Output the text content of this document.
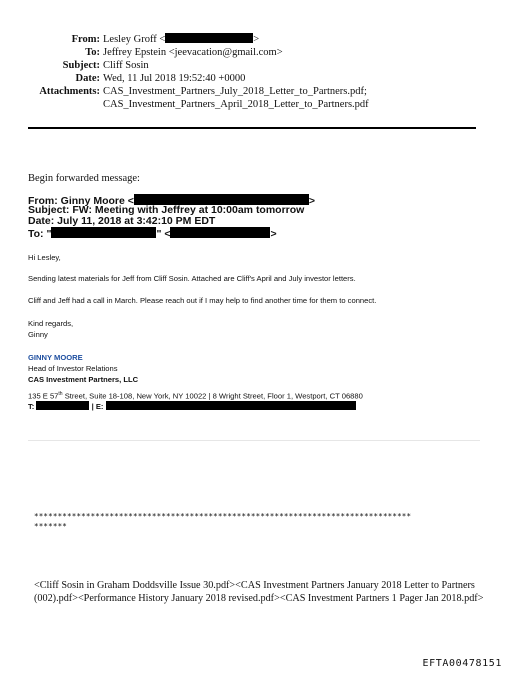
From: Lesley Groff <	>
To: Jeffrey Epstein <jeevacation@gmail.com>
Subject: Cliff Sosin
Date: Wed, 11 Jul 2018 19:52:40 +0000
Attachments: CAS_Investment_Partners_July_2018_Letter_to_Partners.pdf;
CAS_Investment_Partners_April_2018_Letter_to_Partners.pdf
Begin forwarded message:
From: Ginny Moore <	>
Subject: FW: Meeting with Jeffrey at 10:00am tomorrow
Date: July 11, 2018 at 3:42:10 PM EDT
To: "	" <	>
Hi Lesley,
Sending latest materials for Jeff from Cliff Sosin. Attached are Cliff's April and July investor letters.
Cliff and Jeff had a call in March. Please reach out if I may help to find another time for them to connect.
Kind regards,
Ginny
GINNY MOORE
Head of Investor Relations
CAS Investment Partners, LLC
135 E 57th Street, Suite 18-108, New York, NY 10022 | 8 Wright Street, Floor 1, Westport, CT 06880
T:	| E:
********************************************************************************
*******
<Cliff Sosin in Graham Doddsville Issue 30.pdf><CAS Investment Partners January 2018 Letter to Partners (002).pdf><Performance History January 2018 revised.pdf><CAS Investment Partners 1 Pager Jan 2018.pdf>
EFTA00478151
